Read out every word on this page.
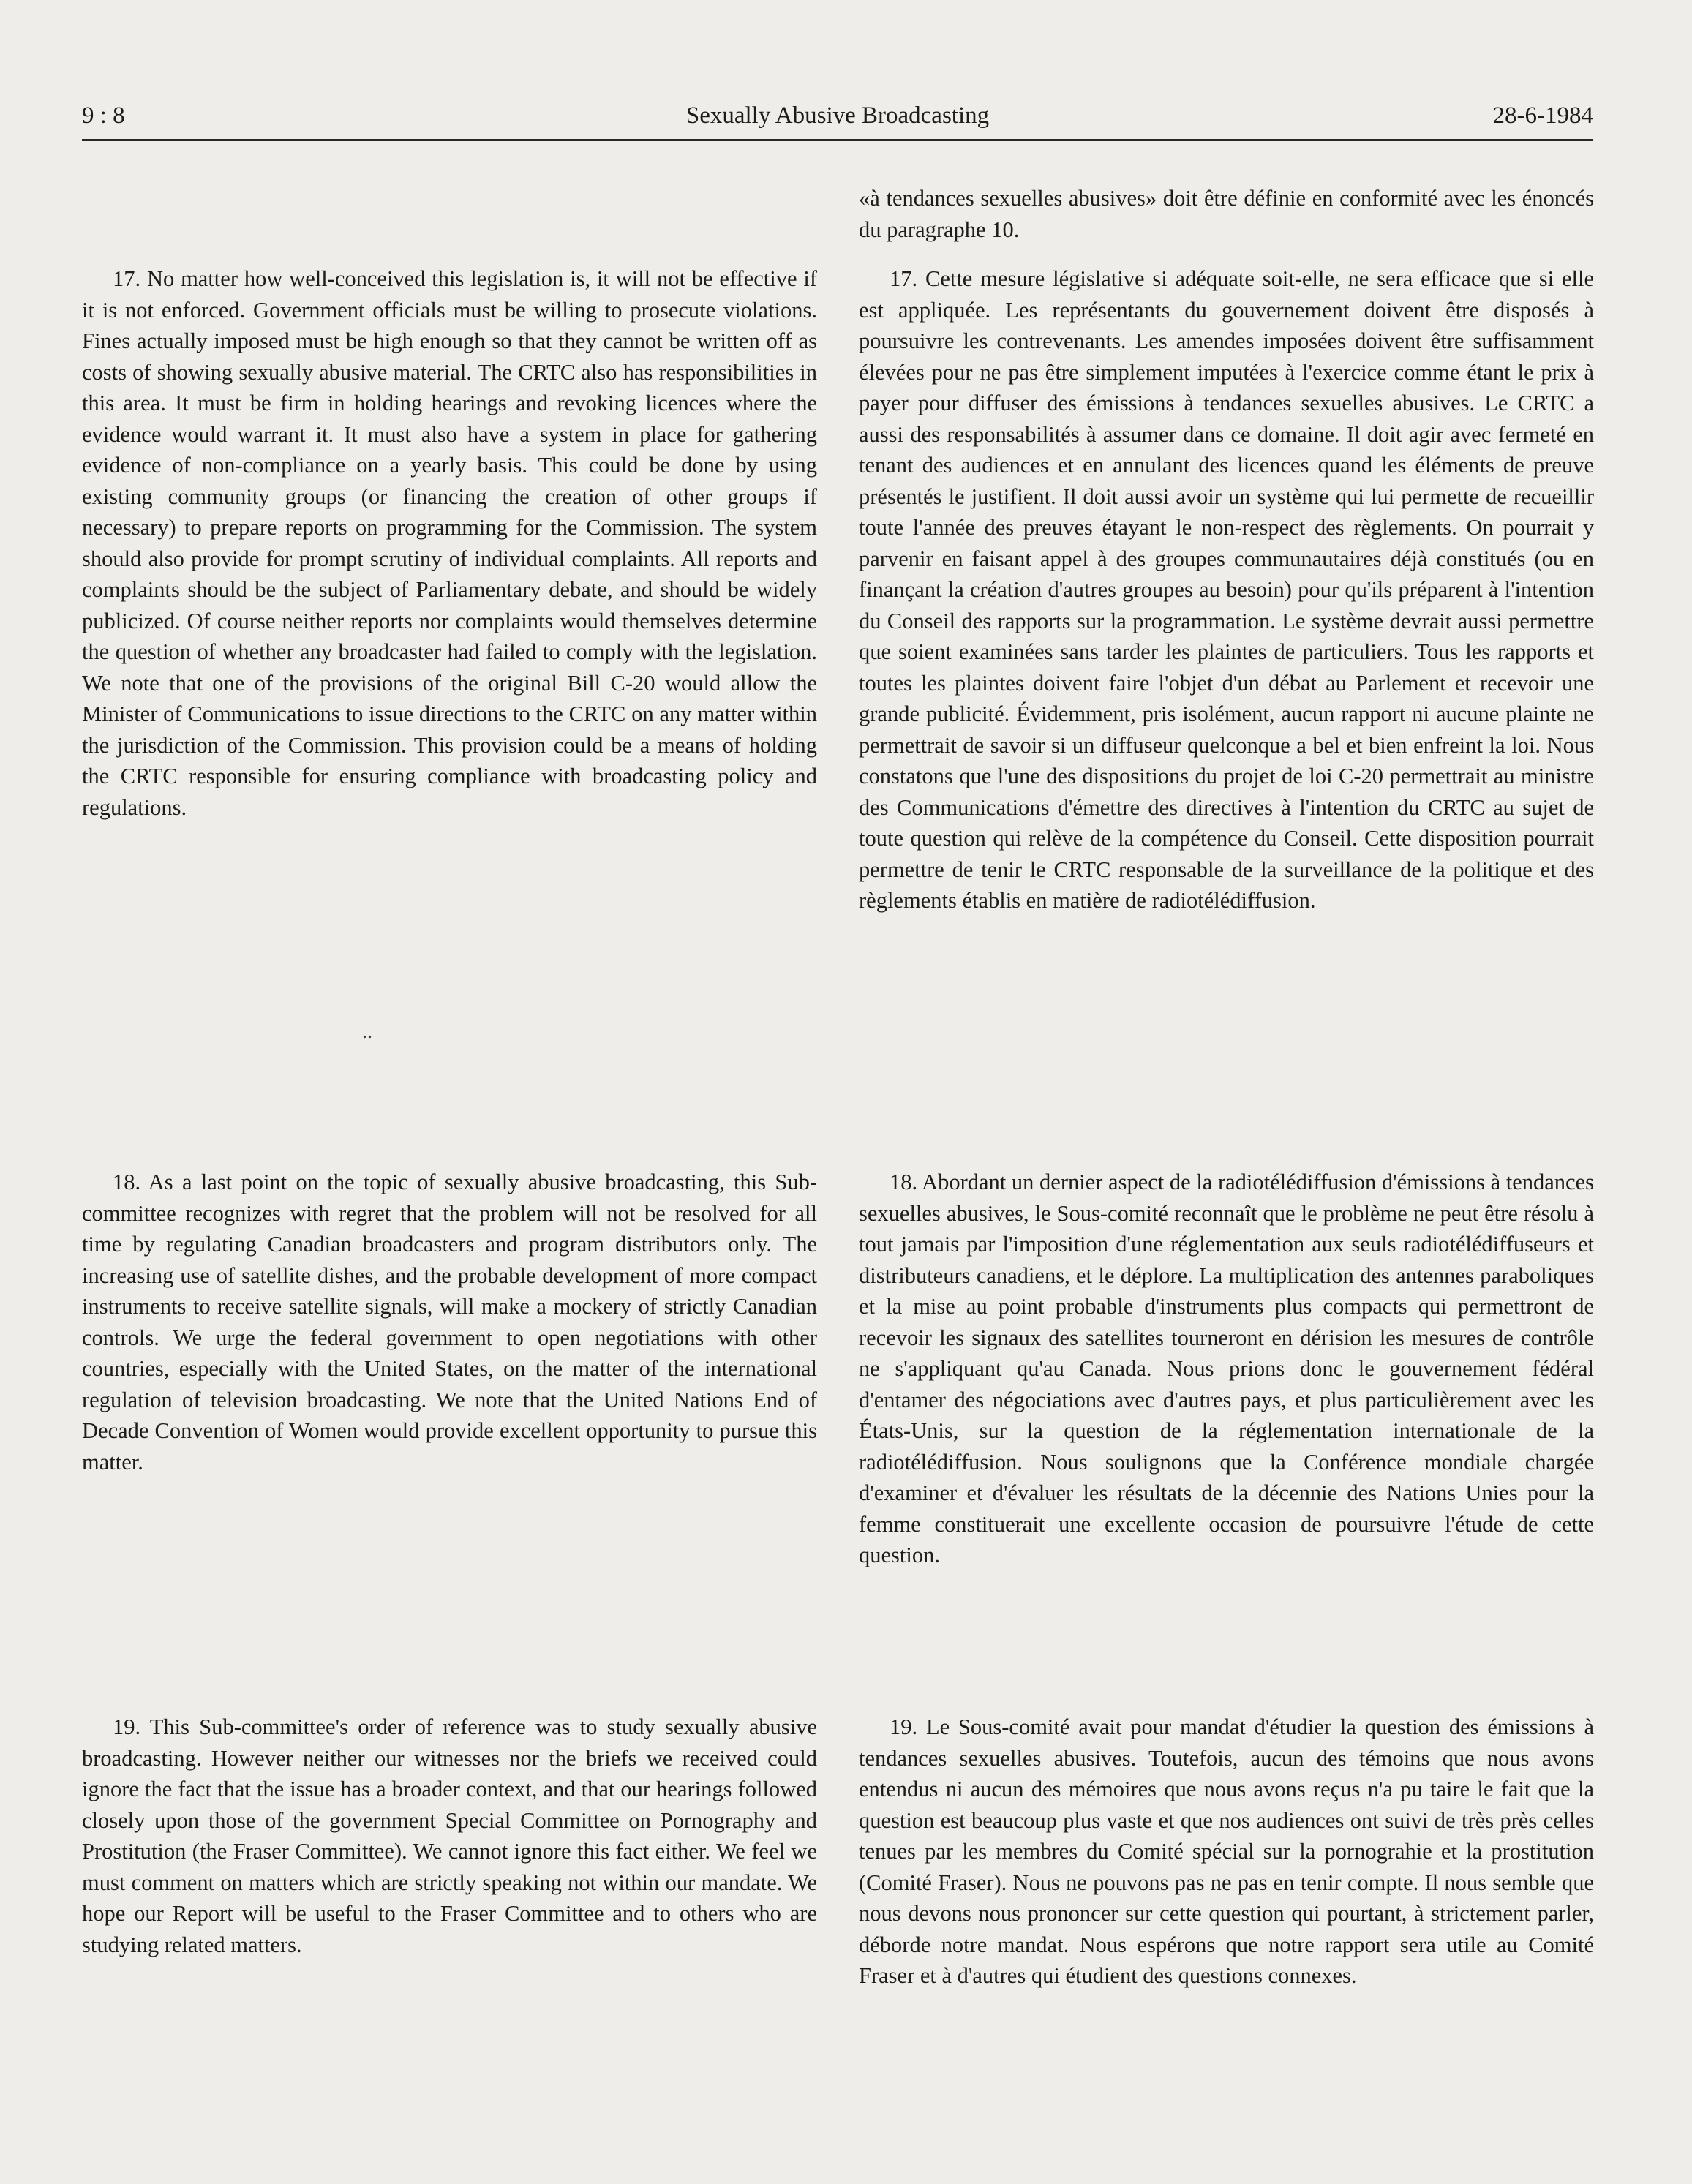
9 : 8	Sexually Abusive Broadcasting	28-6-1984

17. No matter how well-conceived this legislation is, it will not be effective if it is not enforced. Government officials must be willing to prosecute violations. Fines actually imposed must be high enough so that they cannot be written off as costs of showing sexually abusive material. The CRTC also has responsibilities in this area. It must be firm in holding hearings and revoking licences where the evidence would warrant it. It must also have a system in place for gathering evidence of non-compliance on a yearly basis. This could be done by using existing community groups (or financing the creation of other groups if necessary) to prepare reports on programming for the Commission. The system should also provide for prompt scrutiny of individual complaints. All reports and complaints should be the subject of Parliamentary debate, and should be widely publicized. Of course neither reports nor complaints would themselves determine the question of whether any broadcaster had failed to comply with the legislation. We note that one of the provisions of the original Bill C-20 would allow the Minister of Communications to issue directions to the CRTC on any matter within the jurisdiction of the Commission. This provision could be a means of holding the CRTC responsible for ensuring compliance with broadcasting policy and regulations.

18. As a last point on the topic of sexually abusive broadcasting, this Sub-committee recognizes with regret that the problem will not be resolved for all time by regulating Canadian broadcasters and program distributors only. The increasing use of satellite dishes, and the probable development of more compact instruments to receive satellite signals, will make a mockery of strictly Canadian controls. We urge the federal government to open negotiations with other countries, especially with the United States, on the matter of the international regulation of television broadcasting. We note that the United Nations End of Decade Convention of Women would provide excellent opportunity to pursue this matter.

19. This Sub-committee's order of reference was to study sexually abusive broadcasting. However neither our witnesses nor the briefs we received could ignore the fact that the issue has a broader context, and that our hearings followed closely upon those of the government Special Committee on Pornography and Prostitution (the Fraser Committee). We cannot ignore this fact either. We feel we must comment on matters which are strictly speaking not within our mandate. We hope our Report will be useful to the Fraser Committee and to others who are studying related matters.

..

«à tendances sexuelles abusives» doit être définie en conformité avec les énoncés du paragraphe 10.

17. Cette mesure législative si adéquate soit-elle, ne sera efficace que si elle est appliquée. Les représentants du gouvernement doivent être disposés à poursuivre les contrevenants. Les amendes imposées doivent être suffisamment élevées pour ne pas être simplement imputées à l'exercice comme étant le prix à payer pour diffuser des émissions à tendances sexuelles abusives. Le CRTC a aussi des responsabilités à assumer dans ce domaine. Il doit agir avec fermeté en tenant des audiences et en annulant des licences quand les éléments de preuve présentés le justifient. Il doit aussi avoir un système qui lui permette de recueillir toute l'année des preuves étayant le non-respect des règlements. On pourrait y parvenir en faisant appel à des groupes communautaires déjà constitués (ou en finançant la création d'autres groupes au besoin) pour qu'ils préparent à l'intention du Conseil des rapports sur la programmation. Le système devrait aussi permettre que soient examinées sans tarder les plaintes de particuliers. Tous les rapports et toutes les plaintes doivent faire l'objet d'un débat au Parlement et recevoir une grande publicité. Évidemment, pris isolément, aucun rapport ni aucune plainte ne permettrait de savoir si un diffuseur quelconque a bel et bien enfreint la loi. Nous constatons que l'une des dispositions du projet de loi C-20 permettrait au ministre des Communications d'émettre des directives à l'intention du CRTC au sujet de toute question qui relève de la compétence du Conseil. Cette disposition pourrait permettre de tenir le CRTC responsable de la surveillance de la politique et des règlements établis en matière de radiotélédiffusion.

18. Abordant un dernier aspect de la radiotélédiffusion d'émissions à tendances sexuelles abusives, le Sous-comité reconnaît que le problème ne peut être résolu à tout jamais par l'imposition d'une réglementation aux seuls radiotélédiffuseurs et distributeurs canadiens, et le déplore. La multiplication des antennes paraboliques et la mise au point probable d'instruments plus compacts qui permettront de recevoir les signaux des satellites tourneront en dérision les mesures de contrôle ne s'appliquant qu'au Canada. Nous prions donc le gouvernement fédéral d'entamer des négociations avec d'autres pays, et plus particulièrement avec les États-Unis, sur la question de la réglementation internationale de la radiotélédiffusion. Nous soulignons que la Conférence mondiale chargée d'examiner et d'évaluer les résultats de la décennie des Nations Unies pour la femme constituerait une excellente occasion de poursuivre l'étude de cette question.

19. Le Sous-comité avait pour mandat d'étudier la question des émissions à tendances sexuelles abusives. Toutefois, aucun des témoins que nous avons entendus ni aucun des mémoires que nous avons reçus n'a pu taire le fait que la question est beaucoup plus vaste et que nos audiences ont suivi de très près celles tenues par les membres du Comité spécial sur la pornograhie et la prostitution (Comité Fraser). Nous ne pouvons pas ne pas en tenir compte. Il nous semble que nous devons nous prononcer sur cette question qui pourtant, à strictement parler, déborde notre mandat. Nous espérons que notre rapport sera utile au Comité Fraser et à d'autres qui étudient des questions connexes.
